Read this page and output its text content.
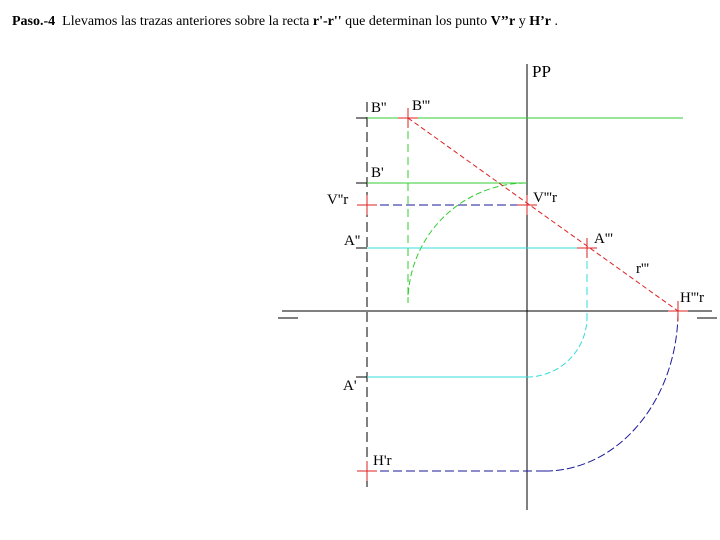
Paso.-4 Llevamos las trazas anteriores sobre la recta r'-r'' que determinan los punto V’’r y H’r .
PP
B'' B'''
B'
V''r	V'''r
A''	A'''
r'''
H'''r
A'
H'r
